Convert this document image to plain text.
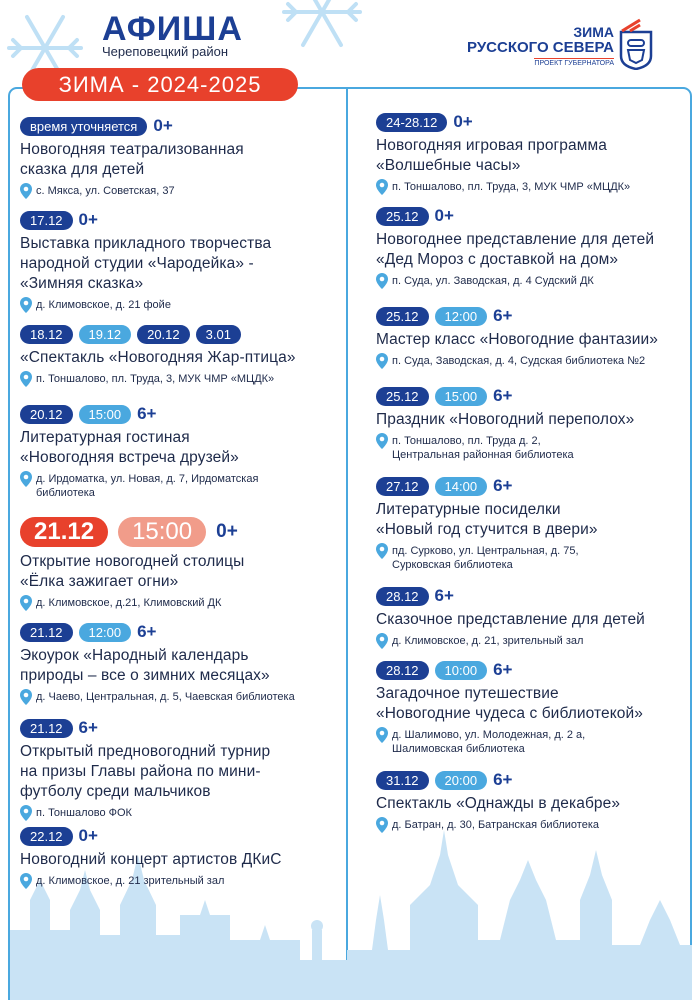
АФИША
Череповецкий район
ЗИМА - 2024-2025
ЗИМА
РУССКОГО СЕВЕРА
ПРОЕКТ ГУБЕРНАТОРА
время уточняется 0+
Новогодняя театрализованная
сказка для детей
с. Мякса, ул. Советская, 37
17.12 0+
Выставка прикладного творчества
народной студии «Чародейка» -
«Зимняя сказка»
д. Климовское, д. 21 фойе
18.12	19.12	20.12	3.01
«Спектакль «Новогодняя Жар-птица»
п. Тоншалово, пл. Труда, 3, МУК ЧМР «МЦДК»
20.12	15:00 6+
Литературная гостиная
«Новогодняя встреча друзей»
д. Ирдоматка, ул. Новая, д. 7, Ирдоматская
библиотека
21.12	15:00	0+
Открытие новогодней столицы
«Ёлка зажигает огни»
д. Климовское, д.21, Климовский ДК
21.12	12:00 6+
Экоурок «Народный календарь
природы – все о зимних месяцах»
д. Чаево, Центральная, д. 5, Чаевская библиотека
21.12 6+
Открытый предновогодний турнир
на призы Главы района по мини-
футболу среди мальчиков
п. Тоншалово ФОК
22.12 0+
Новогодний концерт артистов ДКиС
д. Климовское, д. 21 зрительный зал
24-28.12 0+
Новогодняя игровая программа
«Волшебные часы»
п. Тоншалово, пл. Труда, 3, МУК ЧМР «МЦДК»
25.12 0+
Новогоднее представление для детей
«Дед Мороз с доставкой на дом»
п. Суда, ул. Заводская, д. 4 Судский ДК
25.12	12:00 6+
Мастер класс «Новогодние фантазии»
п. Суда, Заводская, д. 4, Судская библиотека №2
25.12	15:00 6+
Праздник «Новогодний переполох»
п. Тоншалово, пл. Труда д. 2,
Центральная районная библиотека
27.12	14:00 6+
Литературные посиделки
«Новый год стучится в двери»
пд. Сурково, ул. Центральная, д. 75,
Сурковская библиотека
28.12 6+
Сказочное представление для детей
д. Климовское, д. 21, зрительный зал
28.12	10:00 6+
Загадочное путешествие
«Новогодние чудеса с библиотекой»
д. Шалимово, ул. Молодежная, д. 2 а,
Шалимовская библиотека
31.12	20:00 6+
Спектакль «Однажды в декабре»
д. Батран, д. 30, Батранская библиотека
